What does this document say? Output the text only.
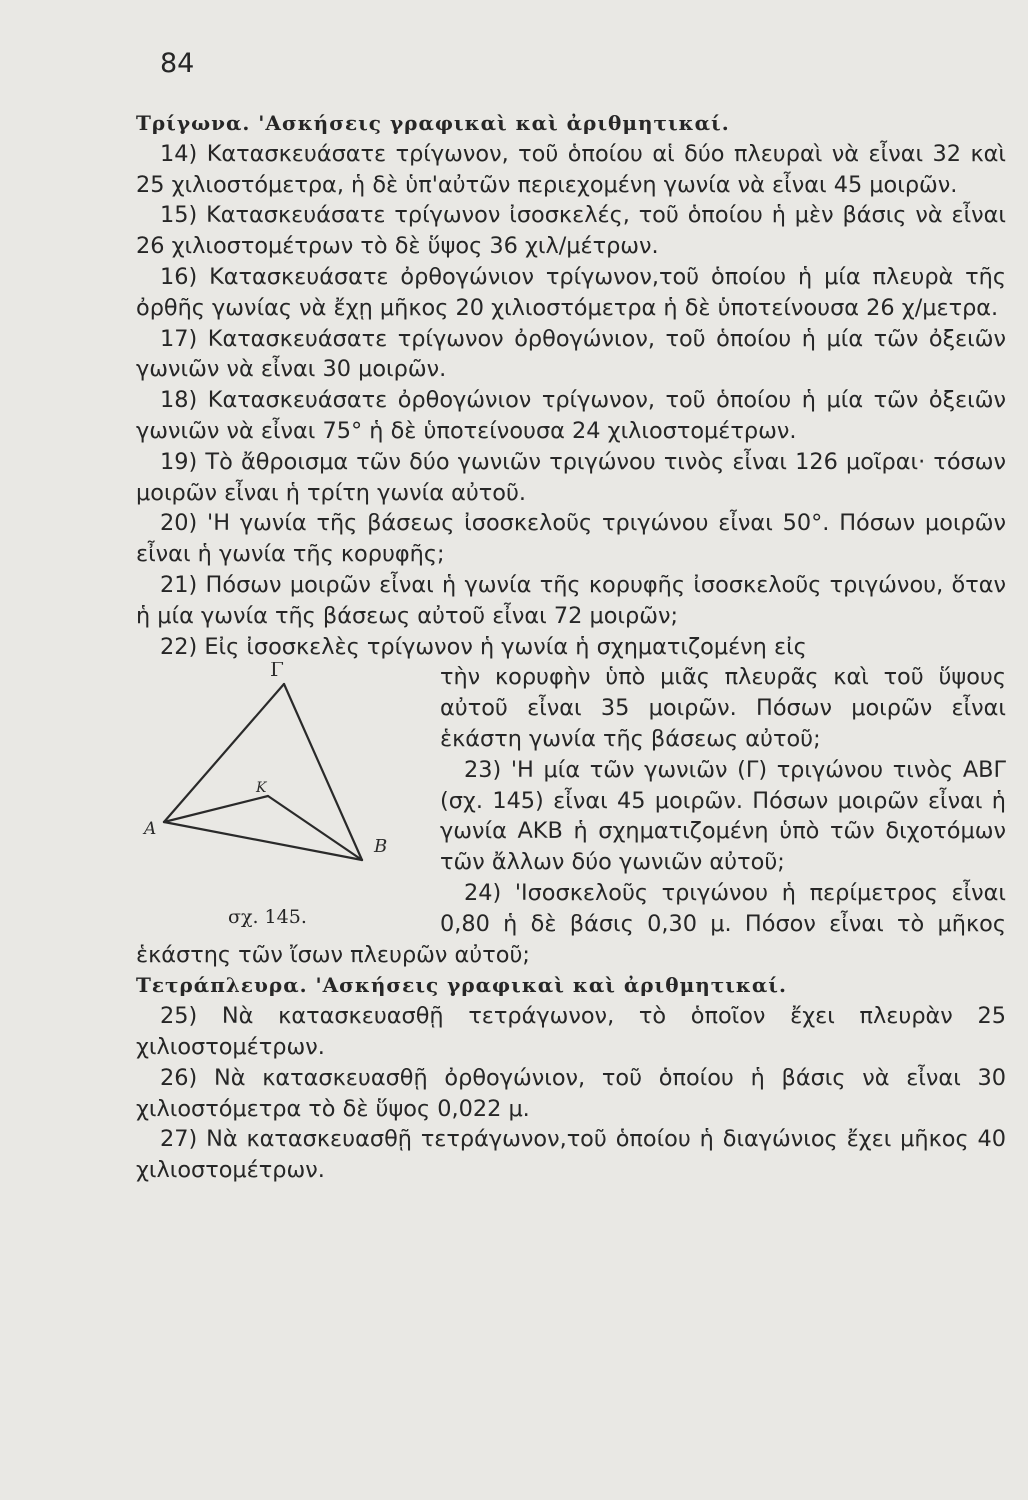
84
Τρίγωνα. 'Ασκήσεις γραφικαὶ καὶ ἀριθμητικαί.
14) Κατασκευάσατε τρίγωνον, τοῦ ὁποίου αἱ δύο πλευραὶ νὰ εἶναι 32 καὶ 25 χιλιοστόμετρα, ἡ δὲ ὑπ'αὐτῶν περιεχομένη γωνία νὰ εἶναι 45 μοιρῶν.
15) Κατασκευάσατε τρίγωνον ἰσοσκελές, τοῦ ὁποίου ἡ μὲν βάσις νὰ εἶναι 26 χιλιοστομέτρων τὸ δὲ ὕψος 36 χιλ/μέτρων.
16) Κατασκευάσατε ὀρθογώνιον τρίγωνον,τοῦ ὁποίου ἡ μία πλευρὰ τῆς ὀρθῆς γωνίας νὰ ἔχῃ μῆκος 20 χιλιοστόμετρα ἡ δὲ ὑποτείνουσα 26 χ/μετρα.
17) Κατασκευάσατε τρίγωνον ὀρθογώνιον, τοῦ ὁποίου ἡ μία τῶν ὀξειῶν γωνιῶν νὰ εἶναι 30 μοιρῶν.
18) Κατασκευάσατε ὀρθογώνιον τρίγωνον, τοῦ ὁποίου ἡ μία τῶν ὀξειῶν γωνιῶν νὰ εἶναι 75° ἡ δὲ ὑποτείνουσα 24 χιλιοστομέτρων.
19) Τὸ ἄθροισμα τῶν δύο γωνιῶν τριγώνου τινὸς εἶναι 126 μοῖραι· τόσων μοιρῶν εἶναι ἡ τρίτη γωνία αὐτοῦ.
20) 'Η γωνία τῆς βάσεως ἰσοσκελοῦς τριγώνου εἶναι 50°. Πόσων μοιρῶν εἶναι ἡ γωνία τῆς κορυφῆς;
21) Πόσων μοιρῶν εἶναι ἡ γωνία τῆς κορυφῆς ἰσοσκελοῦς τριγώνου, ὅταν ἡ μία γωνία τῆς βάσεως αὐτοῦ εἶναι 72 μοιρῶν;
22) Εἰς ἰσοσκελὲς τρίγωνον ἡ γωνία ἡ σχηματιζομένη εἰς
Γ
Α
Β
Κ
σχ. 145.
τὴν κορυφὴν ὑπὸ μιᾶς πλευρᾶς καὶ τοῦ ὕψους αὐτοῦ εἶναι 35 μοιρῶν. Πόσων μοιρῶν εἶναι ἑκάστη γωνία τῆς βάσεως αὐτοῦ;
23) 'Η μία τῶν γωνιῶν (Γ) τριγώνου τινὸς ΑΒΓ (σχ. 145) εἶναι 45 μοιρῶν. Πόσων μοιρῶν εἶναι ἡ γωνία ΑΚΒ ἡ σχηματιζομένη ὑπὸ τῶν διχοτόμων τῶν ἄλλων δύο γωνιῶν αὐτοῦ;
24) 'Ισοσκελοῦς τριγώνου ἡ περίμετρος εἶναι 0,80 ἡ δὲ βάσις 0,30 μ. Πόσον εἶναι τὸ μῆκος ἑκάστης τῶν ἴσων πλευρῶν αὐτοῦ;
Τετράπλευρα. 'Ασκήσεις γραφικαὶ καὶ ἀριθμητικαί.
25) Νὰ κατασκευασθῇ τετράγωνον, τὸ ὁποῖον ἔχει πλευρὰν 25 χιλιοστομέτρων.
26) Νὰ κατασκευασθῇ ὀρθογώνιον, τοῦ ὁποίου ἡ βάσις νὰ εἶναι 30 χιλιοστόμετρα τὸ δὲ ὕψος 0,022 μ.
27) Νὰ κατασκευασθῇ τετράγωνον,τοῦ ὁποίου ἡ διαγώνιος ἔχει μῆκος 40 χιλιοστομέτρων.
